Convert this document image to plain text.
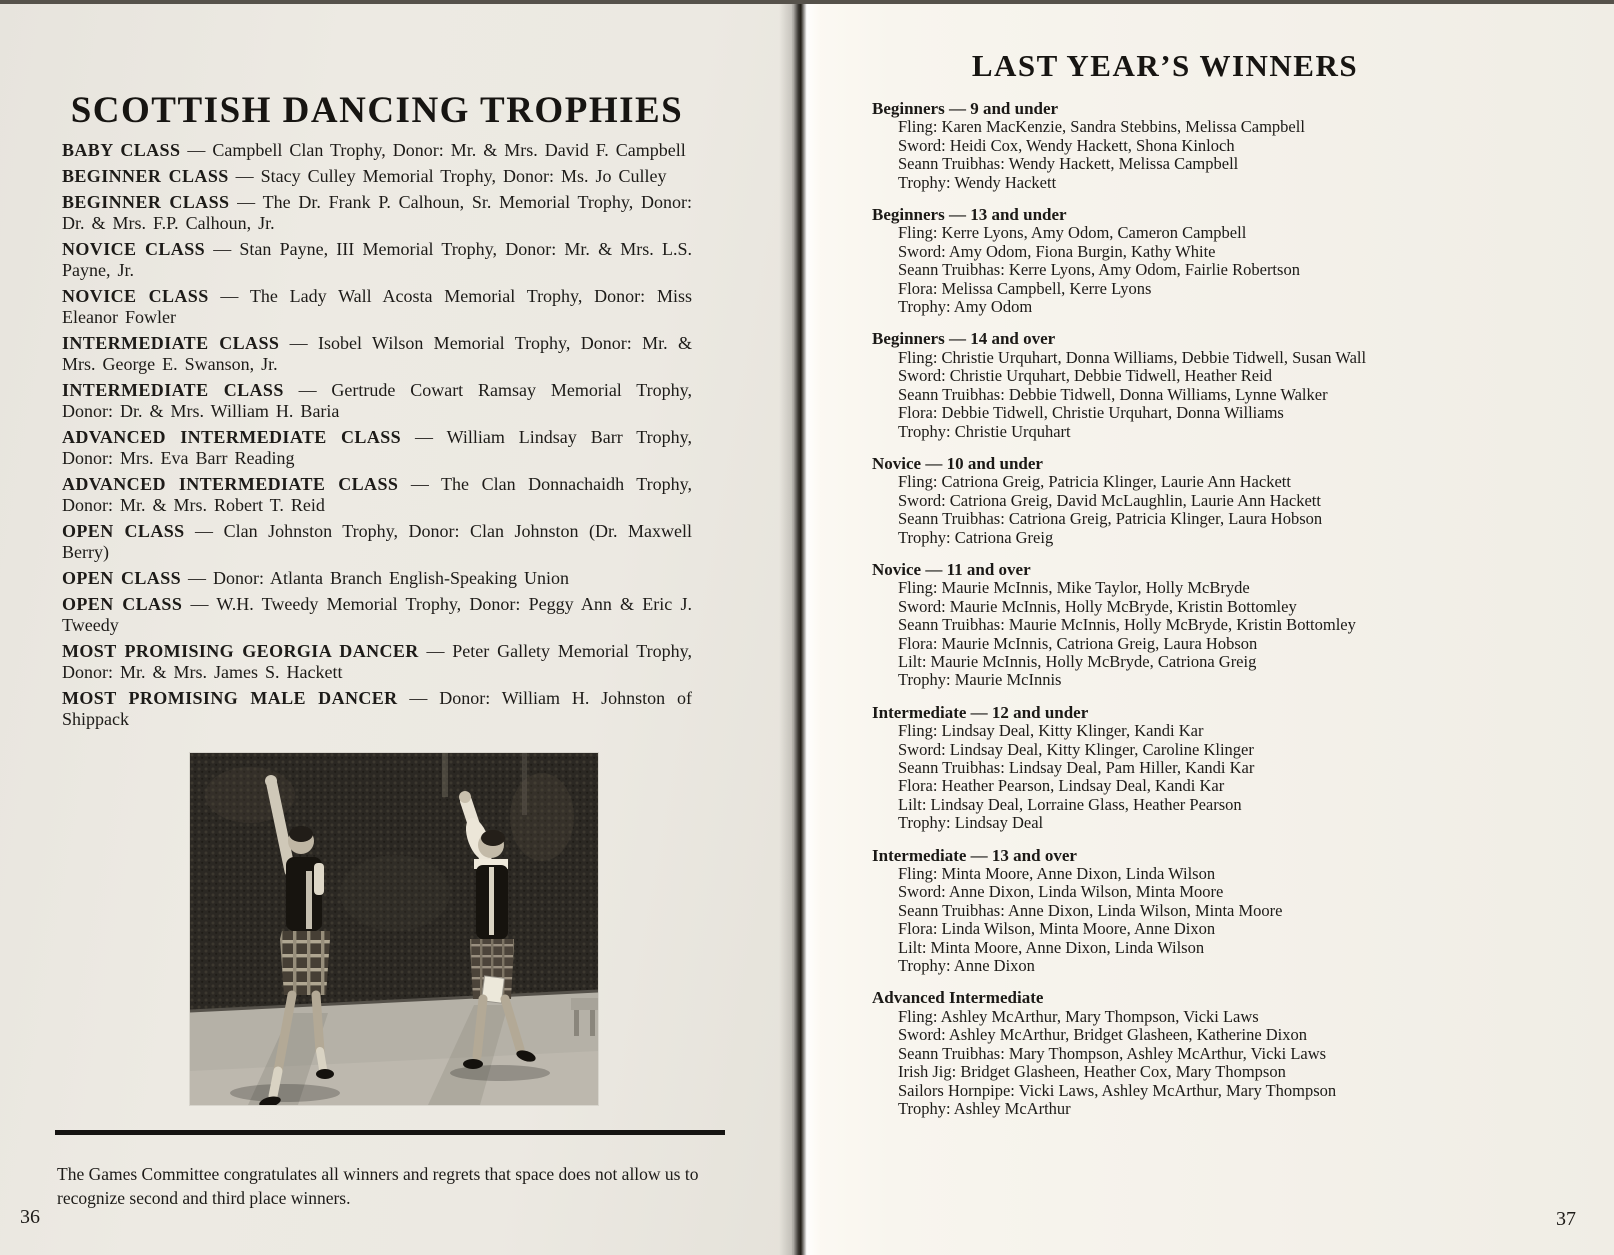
SCOTTISH DANCING TROPHIES

BABY CLASS — Campbell Clan Trophy, Donor: Mr. & Mrs. David F. Campbell

BEGINNER CLASS — Stacy Culley Memorial Trophy, Donor: Ms. Jo Culley

BEGINNER CLASS — The Dr. Frank P. Calhoun, Sr. Memorial Trophy, Donor: Dr. & Mrs. F.P. Calhoun, Jr.

NOVICE CLASS — Stan Payne, III Memorial Trophy, Donor: Mr. & Mrs. L.S. Payne, Jr.

NOVICE CLASS — The Lady Wall Acosta Memorial Trophy, Donor: Miss Eleanor Fowler

INTERMEDIATE CLASS — Isobel Wilson Memorial Trophy, Donor: Mr. & Mrs. George E. Swanson, Jr.

INTERMEDIATE CLASS — Gertrude Cowart Ramsay Memorial Trophy, Donor: Dr. & Mrs. William H. Baria

ADVANCED INTERMEDIATE CLASS — William Lindsay Barr Trophy, Donor: Mrs. Eva Barr Reading

ADVANCED INTERMEDIATE CLASS — The Clan Donnachaidh Trophy, Donor: Mr. & Mrs. Robert T. Reid

OPEN CLASS — Clan Johnston Trophy, Donor: Clan Johnston (Dr. Maxwell Berry)

OPEN CLASS — Donor: Atlanta Branch English-Speaking Union

OPEN CLASS — W.H. Tweedy Memorial Trophy, Donor: Peggy Ann & Eric J. Tweedy

MOST PROMISING GEORGIA DANCER — Peter Gallety Memorial Trophy, Donor: Mr. & Mrs. James S. Hackett

MOST PROMISING MALE DANCER — Donor: William H. Johnston of Shippack

The Games Committee congratulates all winners and regrets that space does not allow us to recognize second and third place winners.

36
LAST YEAR’S WINNERS
Beginners — 9 and under

Fling: Karen MacKenzie, Sandra Stebbins, Melissa Campbell

Sword: Heidi Cox, Wendy Hackett, Shona Kinloch

Seann Truibhas: Wendy Hackett, Melissa Campbell

Trophy: Wendy Hackett

Beginners — 13 and under

Fling: Kerre Lyons, Amy Odom, Cameron Campbell

Sword: Amy Odom, Fiona Burgin, Kathy White

Seann Truibhas: Kerre Lyons, Amy Odom, Fairlie Robertson

Flora: Melissa Campbell, Kerre Lyons

Trophy: Amy Odom

Beginners — 14 and over

Fling: Christie Urquhart, Donna Williams, Debbie Tidwell, Susan Wall

Sword: Christie Urquhart, Debbie Tidwell, Heather Reid

Seann Truibhas: Debbie Tidwell, Donna Williams, Lynne Walker

Flora: Debbie Tidwell, Christie Urquhart, Donna Williams

Trophy: Christie Urquhart

Novice — 10 and under

Fling: Catriona Greig, Patricia Klinger, Laurie Ann Hackett

Sword: Catriona Greig, David McLaughlin, Laurie Ann Hackett

Seann Truibhas: Catriona Greig, Patricia Klinger, Laura Hobson

Trophy: Catriona Greig

Novice — 11 and over

Fling: Maurie McInnis, Mike Taylor, Holly McBryde

Sword: Maurie McInnis, Holly McBryde, Kristin Bottomley

Seann Truibhas: Maurie McInnis, Holly McBryde, Kristin Bottomley

Flora: Maurie McInnis, Catriona Greig, Laura Hobson

Lilt: Maurie McInnis, Holly McBryde, Catriona Greig

Trophy: Maurie McInnis

Intermediate — 12 and under

Fling: Lindsay Deal, Kitty Klinger, Kandi Kar

Sword: Lindsay Deal, Kitty Klinger, Caroline Klinger

Seann Truibhas: Lindsay Deal, Pam Hiller, Kandi Kar

Flora: Heather Pearson, Lindsay Deal, Kandi Kar

Lilt: Lindsay Deal, Lorraine Glass, Heather Pearson

Trophy: Lindsay Deal

Intermediate — 13 and over

Fling: Minta Moore, Anne Dixon, Linda Wilson

Sword: Anne Dixon, Linda Wilson, Minta Moore

Seann Truibhas: Anne Dixon, Linda Wilson, Minta Moore

Flora: Linda Wilson, Minta Moore, Anne Dixon

Lilt: Minta Moore, Anne Dixon, Linda Wilson

Trophy: Anne Dixon

Advanced Intermediate

Fling: Ashley McArthur, Mary Thompson, Vicki Laws

Sword: Ashley McArthur, Bridget Glasheen, Katherine Dixon

Seann Truibhas: Mary Thompson, Ashley McArthur, Vicki Laws

Irish Jig: Bridget Glasheen, Heather Cox, Mary Thompson

Sailors Hornpipe: Vicki Laws, Ashley McArthur, Mary Thompson

Trophy: Ashley McArthur

37
